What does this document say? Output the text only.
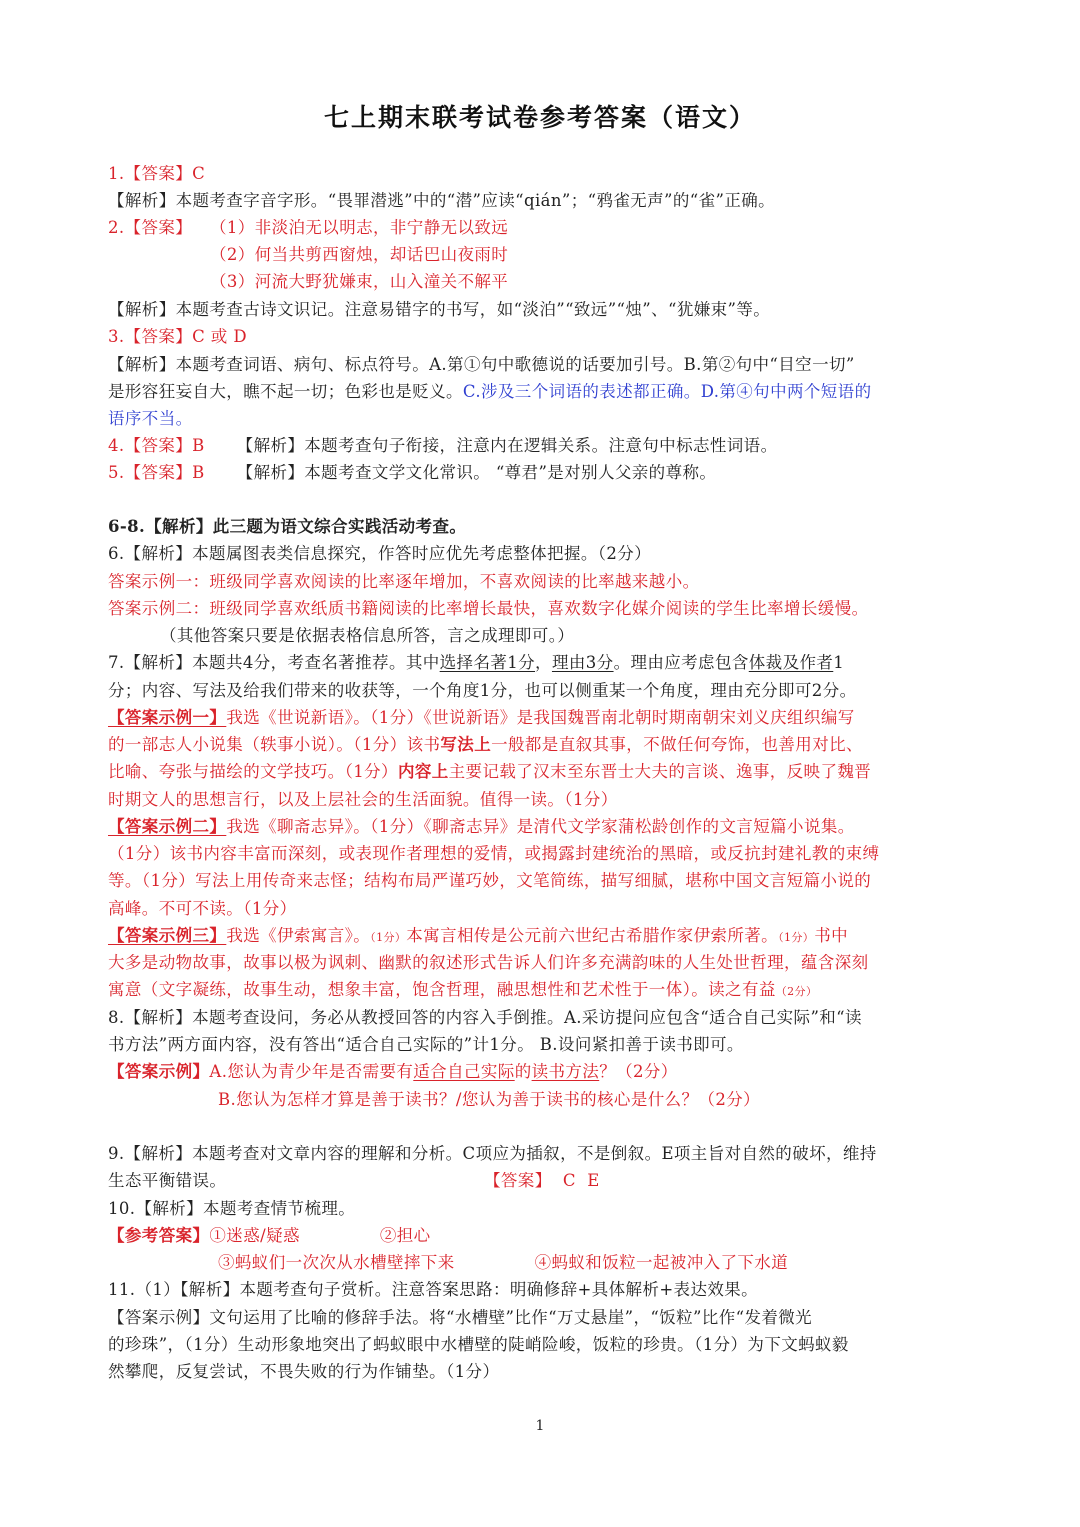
七上期末联考试卷参考答案（语文）
1.【答案】C
【解析】本题考查字音字形。“畏罪潜逃”中的“潜”应读“qián”；“鸦雀无声”的“雀”正确。
2.【答案】	（1）非淡泊无以明志，非宁静无以致远
（2）何当共剪西窗烛，却话巴山夜雨时
（3）河流大野犹嫌束，山入潼关不解平
【解析】本题考查古诗文识记。注意易错字的书写，如“淡泊”“致远”“烛”、“犹嫌束”等。
3.【答案】C 或 D
【解析】本题考查词语、病句、标点符号。A.第①句中歌德说的话要加引号。B.第②句中“目空一切”
是形容狂妄自大，瞧不起一切；色彩也是贬义。C.涉及三个词语的表述都正确。D.第④句中两个短语的
语序不当。
4.【答案】B 【解析】本题考查句子衔接，注意内在逻辑关系。注意句中标志性词语。
5.【答案】B 【解析】本题考查文学文化常识。 “尊君”是对别人父亲的尊称。
6-8.【解析】此三题为语文综合实践活动考查。
6.【解析】本题属图表类信息探究，作答时应优先考虑整体把握。（2分）
答案示例一：班级同学喜欢阅读的比率逐年增加，不喜欢阅读的比率越来越小。
答案示例二：班级同学喜欢纸质书籍阅读的比率增长最快，喜欢数字化媒介阅读的学生比率增长缓慢。
（其他答案只要是依据表格信息所答，言之成理即可。）
7.【解析】本题共4分，考查名著推荐。其中选择名著1分，理由3分。理由应考虑包含体裁及作者1
分；内容、写法及给我们带来的收获等，一个角度1分，也可以侧重某一个角度，理由充分即可2分。
【答案示例一】我选《世说新语》。（1分）《世说新语》是我国魏晋南北朝时期南朝宋刘义庆组织编写
的一部志人小说集（轶事小说）。（1分）该书写法上一般都是直叙其事，不做任何夸饰，也善用对比、
比喻、夸张与描绘的文学技巧。（1分）内容上主要记载了汉末至东晋士大夫的言谈、逸事，反映了魏晋
时期文人的思想言行，以及上层社会的生活面貌。值得一读。（1分）
【答案示例二】我选《聊斋志异》。（1分）《聊斋志异》是清代文学家蒲松龄创作的文言短篇小说集。
（1分）该书内容丰富而深刻，或表现作者理想的爱情，或揭露封建统治的黑暗，或反抗封建礼教的束缚
等。（1分）写法上用传奇来志怪；结构布局严谨巧妙，文笔简练，描写细腻，堪称中国文言短篇小说的
高峰。不可不读。（1分）
【答案示例三】我选《伊索寓言》。（1分）本寓言相传是公元前六世纪古希腊作家伊索所著。（1分）书中
大多是动物故事，故事以极为讽刺、幽默的叙述形式告诉人们许多充满韵味的人生处世哲理，蕴含深刻
寓意（文字凝练，故事生动，想象丰富，饱含哲理，融思想性和艺术性于一体）。读之有益（2分）
8.【解析】本题考查设问，务必从教授回答的内容入手倒推。A.采访提问应包含“适合自己实际”和“读
书方法”两方面内容，没有答出“适合自己实际的”计1分。 B.设问紧扣善于读书即可。
【答案示例】A.您认为青少年是否需要有适合自己实际的读书方法？（2分）
B.您认为怎样才算是善于读书？/您认为善于读书的核心是什么？（2分）
9.【解析】本题考查对文章内容的理解和分析。C项应为插叙，不是倒叙。E项主旨对自然的破坏，维持
生态平衡错误。	【答案】  C  E
10.【解析】本题考查情节梳理。
【参考答案】①迷惑/疑惑	②担心
③蚂蚁们一次次从水槽壁摔下来	④蚂蚁和饭粒一起被冲入了下水道
11.（1）【解析】本题考查句子赏析。注意答案思路：明确修辞+具体解析+表达效果。
【答案示例】文句运用了比喻的修辞手法。将“水槽壁”比作“万丈悬崖”，“饭粒”比作“发着微光
的珍珠”，（1分）生动形象地突出了蚂蚁眼中水槽壁的陡峭险峻，饭粒的珍贵。（1分）为下文蚂蚁毅
然攀爬，反复尝试，不畏失败的行为作铺垫。（1分）
1
